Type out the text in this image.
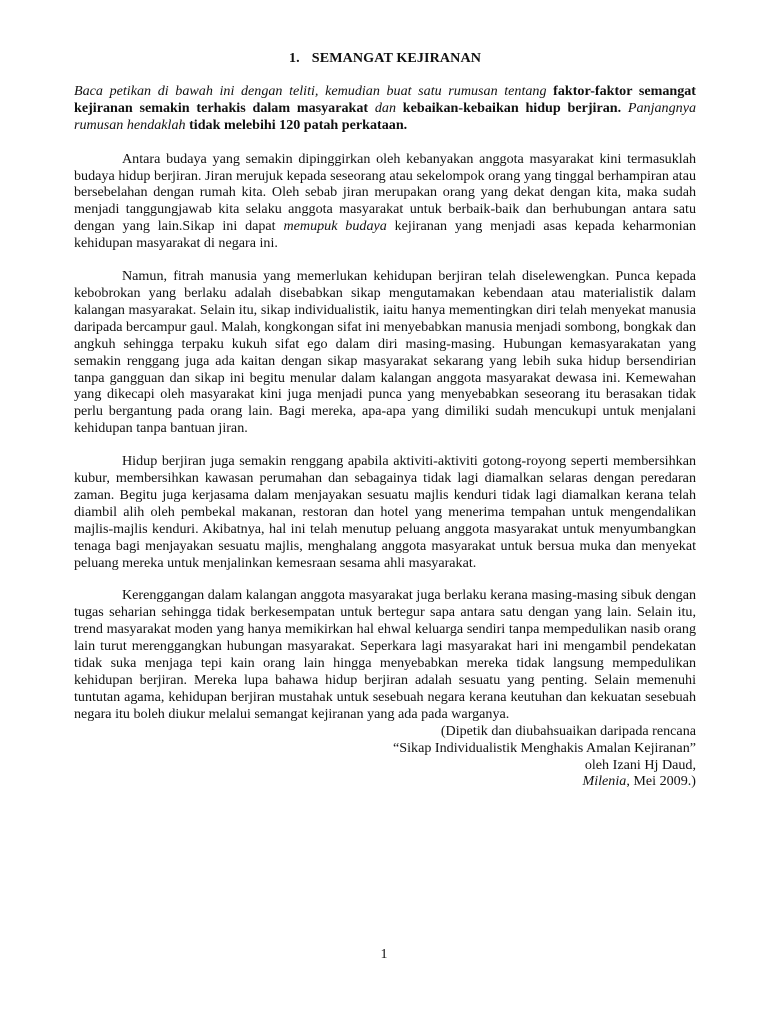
1. SEMANGAT KEJIRANAN

Baca petikan di bawah ini dengan teliti, kemudian buat satu rumusan tentang faktor-faktor semangat kejiranan semakin terhakis dalam masyarakat dan kebaikan-kebaikan hidup berjiran. Panjangnya rumusan hendaklah tidak melebihi 120 patah perkataan.

Antara budaya yang semakin dipinggirkan oleh kebanyakan anggota masyarakat kini termasuklah budaya hidup berjiran. Jiran merujuk kepada seseorang atau sekelompok orang yang tinggal berhampiran atau bersebelahan dengan rumah kita. Oleh sebab jiran merupakan orang yang dekat dengan kita, maka sudah menjadi tanggungjawab kita selaku anggota masyarakat untuk berbaik-baik dan berhubungan antara satu dengan yang lain.Sikap ini dapat memupuk budaya kejiranan yang menjadi asas kepada keharmonian kehidupan masyarakat di negara ini.

Namun, fitrah manusia yang memerlukan kehidupan berjiran telah diselewengkan. Punca kepada kebobrokan yang berlaku adalah disebabkan sikap mengutamakan kebendaan atau materialistik dalam kalangan masyarakat. Selain itu, sikap individualistik, iaitu hanya mementingkan diri telah menyekat manusia daripada bercampur gaul. Malah, kongkongan sifat ini menyebabkan manusia menjadi sombong, bongkak dan angkuh sehingga terpaku kukuh sifat ego dalam diri masing-masing. Hubungan kemasyarakatan yang semakin renggang juga ada kaitan dengan sikap masyarakat sekarang yang lebih suka hidup bersendirian tanpa gangguan dan sikap ini begitu menular dalam kalangan anggota masyarakat dewasa ini. Kemewahan yang dikecapi oleh masyarakat kini juga menjadi punca yang menyebabkan seseorang itu berasakan tidak perlu bergantung pada orang lain. Bagi mereka, apa-apa yang dimiliki sudah mencukupi untuk menjalani kehidupan tanpa bantuan jiran.

Hidup berjiran juga semakin renggang apabila aktiviti-aktiviti gotong-royong seperti membersihkan kubur, membersihkan kawasan perumahan dan sebagainya tidak lagi diamalkan selaras dengan peredaran zaman. Begitu juga kerjasama dalam menjayakan sesuatu majlis kenduri tidak lagi diamalkan kerana telah diambil alih oleh pembekal makanan, restoran dan hotel yang menerima tempahan untuk mengendalikan majlis-majlis kenduri. Akibatnya, hal ini telah menutup peluang anggota masyarakat untuk menyumbangkan tenaga bagi menjayakan sesuatu majlis, menghalang anggota masyarakat untuk bersua muka dan menyekat peluang mereka untuk menjalinkan kemesraan sesama ahli masyarakat.

Kerenggangan dalam kalangan anggota masyarakat juga berlaku kerana masing-masing sibuk dengan tugas seharian sehingga tidak berkesempatan untuk bertegur sapa antara satu dengan yang lain. Selain itu, trend masyarakat moden yang hanya memikirkan hal ehwal keluarga sendiri tanpa mempedulikan nasib orang lain turut merenggangkan hubungan masyarakat. Seperkara lagi masyarakat hari ini mengambil pendekatan tidak suka menjaga tepi kain orang lain hingga menyebabkan mereka tidak langsung mempedulikan kehidupan berjiran. Mereka lupa bahawa hidup berjiran adalah sesuatu yang penting. Selain memenuhi tuntutan agama, kehidupan berjiran mustahak untuk sesebuah negara kerana keutuhan dan kekuatan sesebuah negara itu boleh diukur melalui semangat kejiranan yang ada pada warganya.

(Dipetik dan diubahsuaikan daripada rencana
“Sikap Individualistik Menghakis Amalan Kejiranan”
oleh Izani Hj Daud,
Milenia, Mei 2009.)
1
